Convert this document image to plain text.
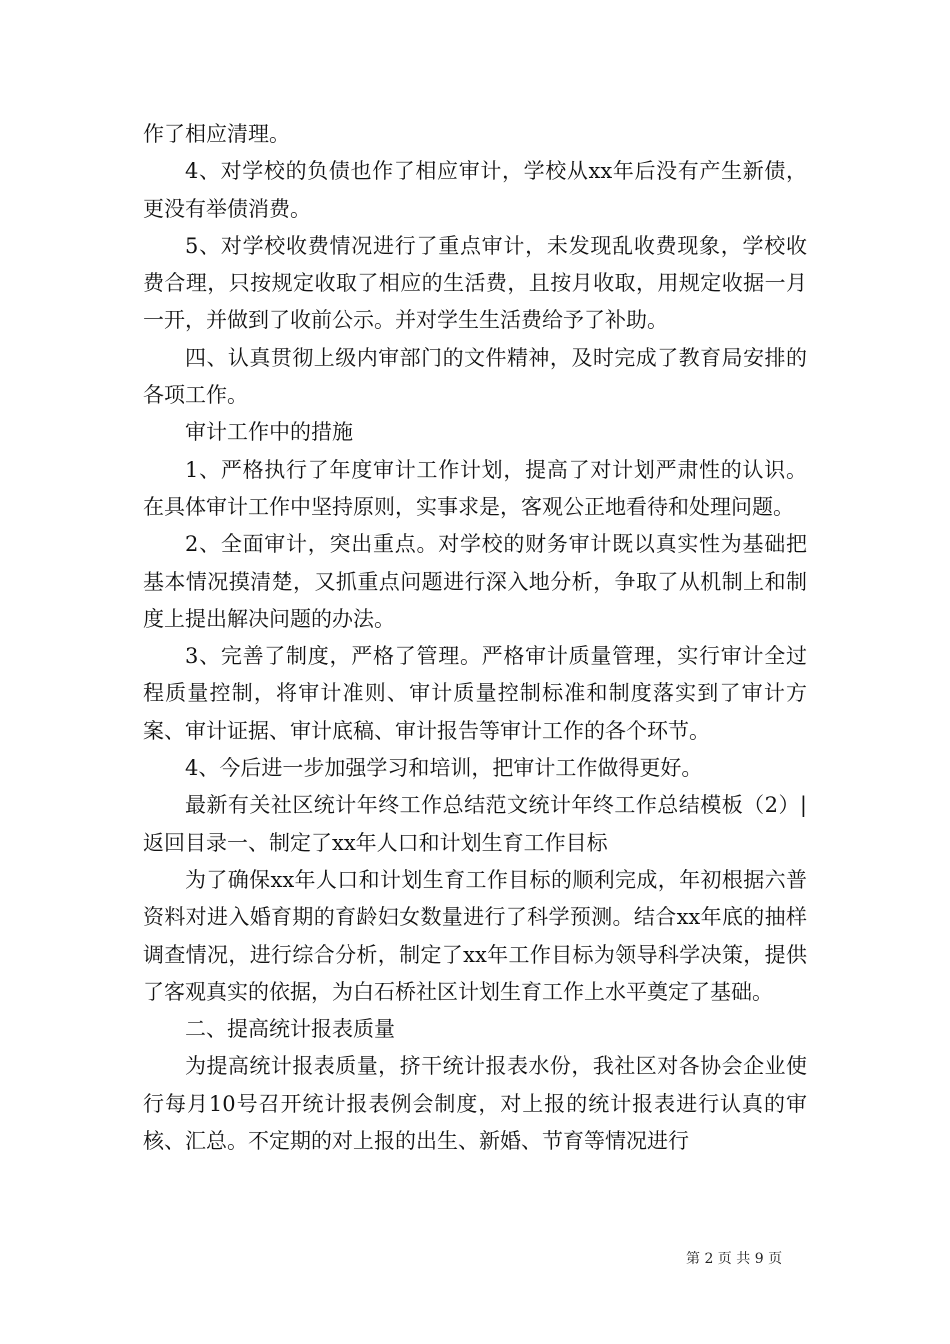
作了相应清理。

4、对学校的负债也作了相应审计，学校从xx年后没有产生新债，更没有举债消费。

5、对学校收费情况进行了重点审计，未发现乱收费现象，学校收费合理，只按规定收取了相应的生活费，且按月收取，用规定收据一月一开，并做到了收前公示。并对学生生活费给予了补助。

四、认真贯彻上级内审部门的文件精神，及时完成了教育局安排的各项工作。

审计工作中的措施

1、严格执行了年度审计工作计划，提高了对计划严肃性的认识。在具体审计工作中坚持原则，实事求是，客观公正地看待和处理问题。

2、全面审计，突出重点。对学校的财务审计既以真实性为基础把基本情况摸清楚，又抓重点问题进行深入地分析，争取了从机制上和制度上提出解决问题的办法。

3、完善了制度，严格了管理。严格审计质量管理，实行审计全过程质量控制，将审计准则、审计质量控制标准和制度落实到了审计方案、审计证据、审计底稿、审计报告等审计工作的各个环节。

4、今后进一步加强学习和培训，把审计工作做得更好。

最新有关社区统计年终工作总结范文统计年终工作总结模板（2）|返回目录一、制定了xx年人口和计划生育工作目标

为了确保xx年人口和计划生育工作目标的顺利完成，年初根据六普资料对进入婚育期的育龄妇女数量进行了科学预测。结合xx年底的抽样调查情况，进行综合分析，制定了xx年工作目标为领导科学决策，提供了客观真实的依据，为白石桥社区计划生育工作上水平奠定了基础。

二、提高统计报表质量

为提高统计报表质量，挤干统计报表水份，我社区对各协会企业使行每月10号召开统计报表例会制度，对上报的统计报表进行认真的审核、汇总。不定期的对上报的出生、新婚、节育等情况进行

第 2 页 共 9 页
